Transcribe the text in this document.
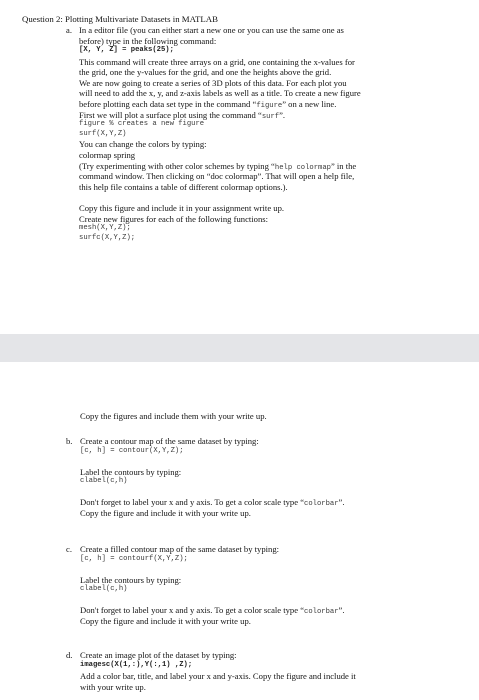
Question 2: Plotting Multivariate Datasets in MATLAB
a.
Copy the figures and include them with your write up.
b.
c.
d.
In a editor file (you can either start a new one or you can use the same one as
before) type in the following command:
[X, Y, Z] = peaks(25);
This command will create three arrays on a grid, one containing the x-values for
the grid, one the y-values for the grid, and one the heights above the grid.
We are now going to create a series of 3D plots of this data. For each plot you
will need to add the x, y, and z-axis labels as well as a title. To create a new figure
before plotting each data set type in the command “figure” on a new line.
First we will plot a surface plot using the command “surf”.
figure % creates a new figure
surf(X,Y,Z)
You can change the colors by typing:
colormap spring
(Try experimenting with other color schemes by typing “help colormap” in the
command window. Then clicking on “doc colormap”. That will open a help file,
this help file contains a table of different colormap options.).
Copy this figure and include it in your assignment write up.
Create new figures for each of the following functions:
mesh(X,Y,Z);
surfc(X,Y,Z);
Create a contour map of the same dataset by typing:
[c, h] = contour(X,Y,Z);
Label the contours by typing:
clabel(c,h)
Don't forget to label your x and y axis. To get a color scale type “colorbar”.
Copy the figure and include it with your write up.
Create a filled contour map of the same dataset by typing:
[c, h] = contourf(X,Y,Z);
Label the contours by typing:
clabel(c,h)
Don't forget to label your x and y axis. To get a color scale type “colorbar”.
Copy the figure and include it with your write up.
Create an image plot of the dataset by typing:
imagesc(X(1,:),Y(:,1) ,Z);
Add a color bar, title, and label your x and y-axis. Copy the figure and include it
with your write up.
